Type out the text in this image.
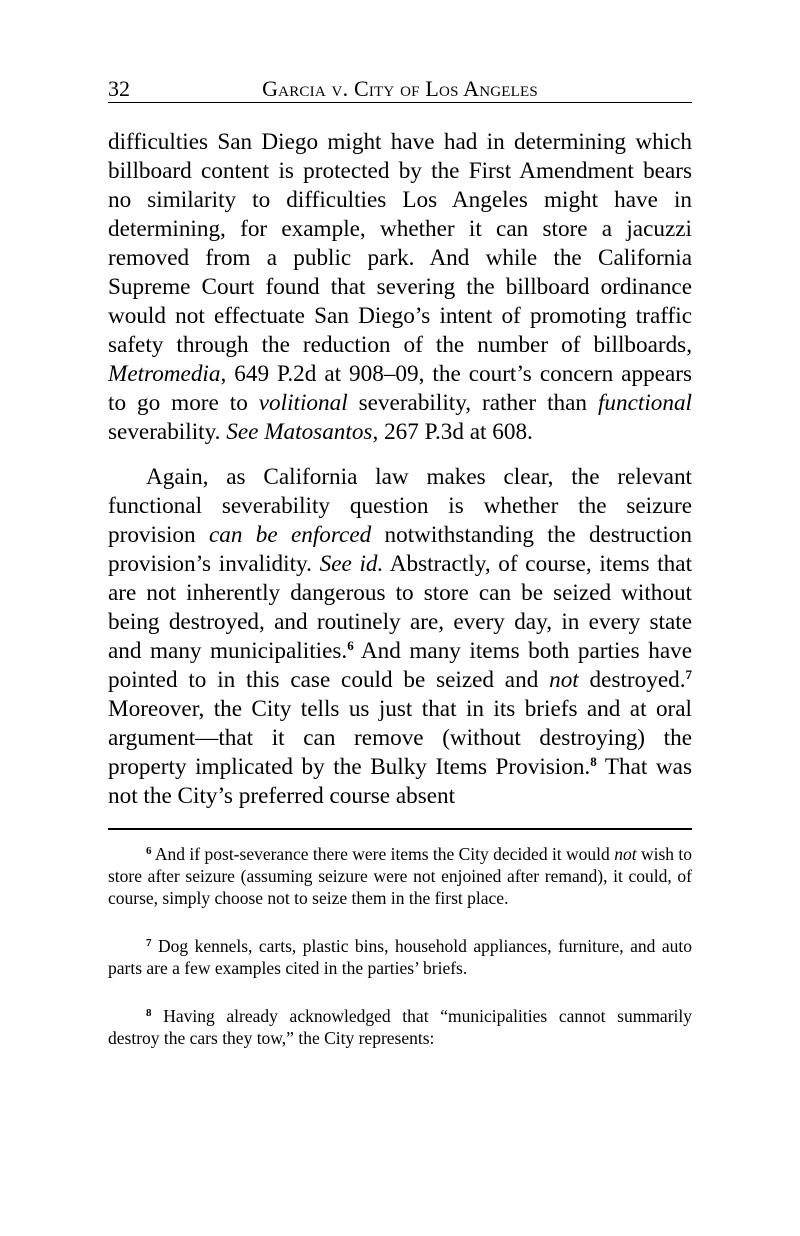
32	Garcia v. City of Los Angeles

difficulties San Diego might have had in determining which billboard content is protected by the First Amendment bears no similarity to difficulties Los Angeles might have in determining, for example, whether it can store a jacuzzi removed from a public park. And while the California Supreme Court found that severing the billboard ordinance would not effectuate San Diego’s intent of promoting traffic safety through the reduction of the number of billboards, Metromedia, 649 P.2d at 908–09, the court’s concern appears to go more to volitional severability, rather than functional severability. See Matosantos, 267 P.3d at 608.

Again, as California law makes clear, the relevant functional severability question is whether the seizure provision can be enforced notwithstanding the destruction provision’s invalidity. See id. Abstractly, of course, items that are not inherently dangerous to store can be seized without being destroyed, and routinely are, every day, in every state and many municipalities.$^6$ And many items both parties have pointed to in this case could be seized and not destroyed.$^7$ Moreover, the City tells us just that in its briefs and at oral argument—that it can remove (without destroying) the property implicated by the Bulky Items Provision.$^8$ That was not the City’s preferred course absent

$^6$ And if post-severance there were items the City decided it would not wish to store after seizure (assuming seizure were not enjoined after remand), it could, of course, simply choose not to seize them in the first place.

$^7$ Dog kennels, carts, plastic bins, household appliances, furniture, and auto parts are a few examples cited in the parties’ briefs.

$^8$ Having already acknowledged that “municipalities cannot summarily destroy the cars they tow,” the City represents:
